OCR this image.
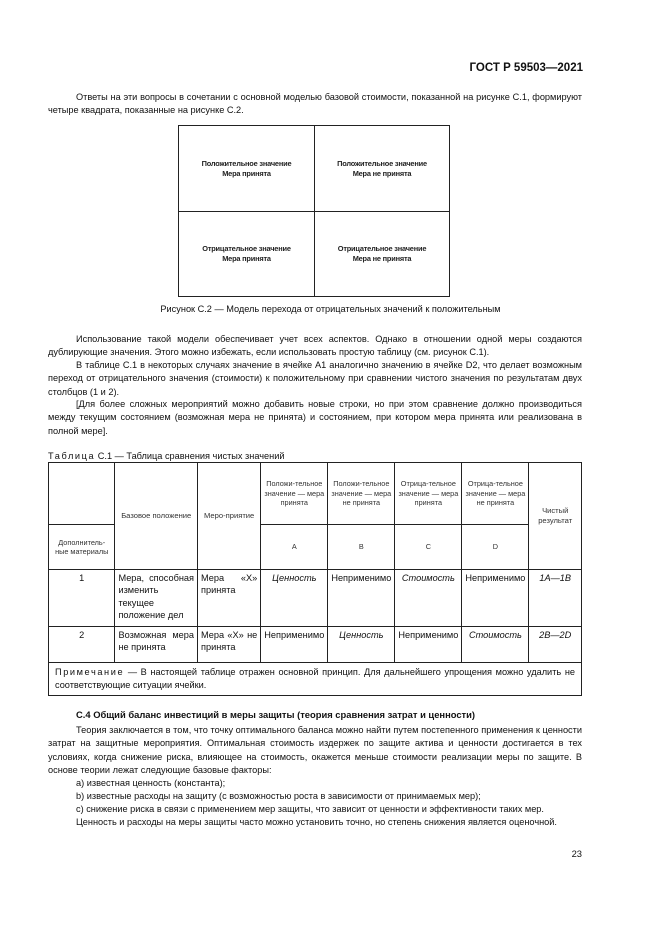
ГОСТ Р 59503—2021

Ответы на эти вопросы в сочетании с основной моделью базовой стоимости, показанной на рисунке С.1, формируют четыре квадрата, показанные на рисунке С.2.

Положительное значение
Мера принята
Положительное значение
Мера не принята
Отрицательное значение
Мера принята
Отрицательное значение
Мера не принята
Рисунок С.2 — Модель перехода от отрицательных значений к положительным

Использование такой модели обеспечивает учет всех аспектов. Однако в отношении одной меры создаются дублирующие значения. Этого можно избежать, если использовать простую таблицу (см. рисунок С.1).

В таблице С.1 в некоторых случаях значение в ячейке А1 аналогично значению в ячейке D2, что делает возможным переход от отрицательного значения (стоимости) к положительному при сравнении чистого значения по результатам двух столбцов (1 и 2).

[Для более сложных мероприятий можно добавить новые строки, но при этом сравнение должно производиться между текущим состоянием (возможная мера не принята) и состоянием, при котором мера принята или реализована в полной мере].

Таблица С.1 — Таблица сравнения чистых значений
	Базовое положение	Меро-приятие	Положи-тельное значение — мера принята	Положи-тельное значение — мера не принята	Отрица-тельное значение — мера принята	Отрица-тельное значение — мера не принята	Чистый результат
Дополнитель-ные материалы			A	B	C	D	
1	Мера, способная изменить текущее положение дел	Мера «X» принята	Ценность	Неприменимо	Стоимость	Неприменимо	1A—1B
2	Возможная мера не принята	Мера «X» не принята	Неприменимо	Ценность	Неприменимо	Стоимость	2B—2D
Примечание — В настоящей таблице отражен основной принцип. Для дальнейшего упрощения можно удалить не соответствующие ситуации ячейки.
С.4 Общий баланс инвестиций в меры защиты (теория сравнения затрат и ценности)

Теория заключается в том, что точку оптимального баланса можно найти путем постепенного применения к ценности затрат на защитные мероприятия. Оптимальная стоимость издержек по защите актива и ценности достигается в тех условиях, когда снижение риска, влияющее на стоимость, окажется меньше стоимости реализации меры по защите. В основе теории лежат следующие базовые факторы:

a) известная ценность (константа);
b) известные расходы на защиту (с возможностью роста в зависимости от принимаемых мер);
c) снижение риска в связи с применением мер защиты, что зависит от ценности и эффективности таких мер.

Ценность и расходы на меры защиты часто можно установить точно, но степень снижения является оценочной.

23
